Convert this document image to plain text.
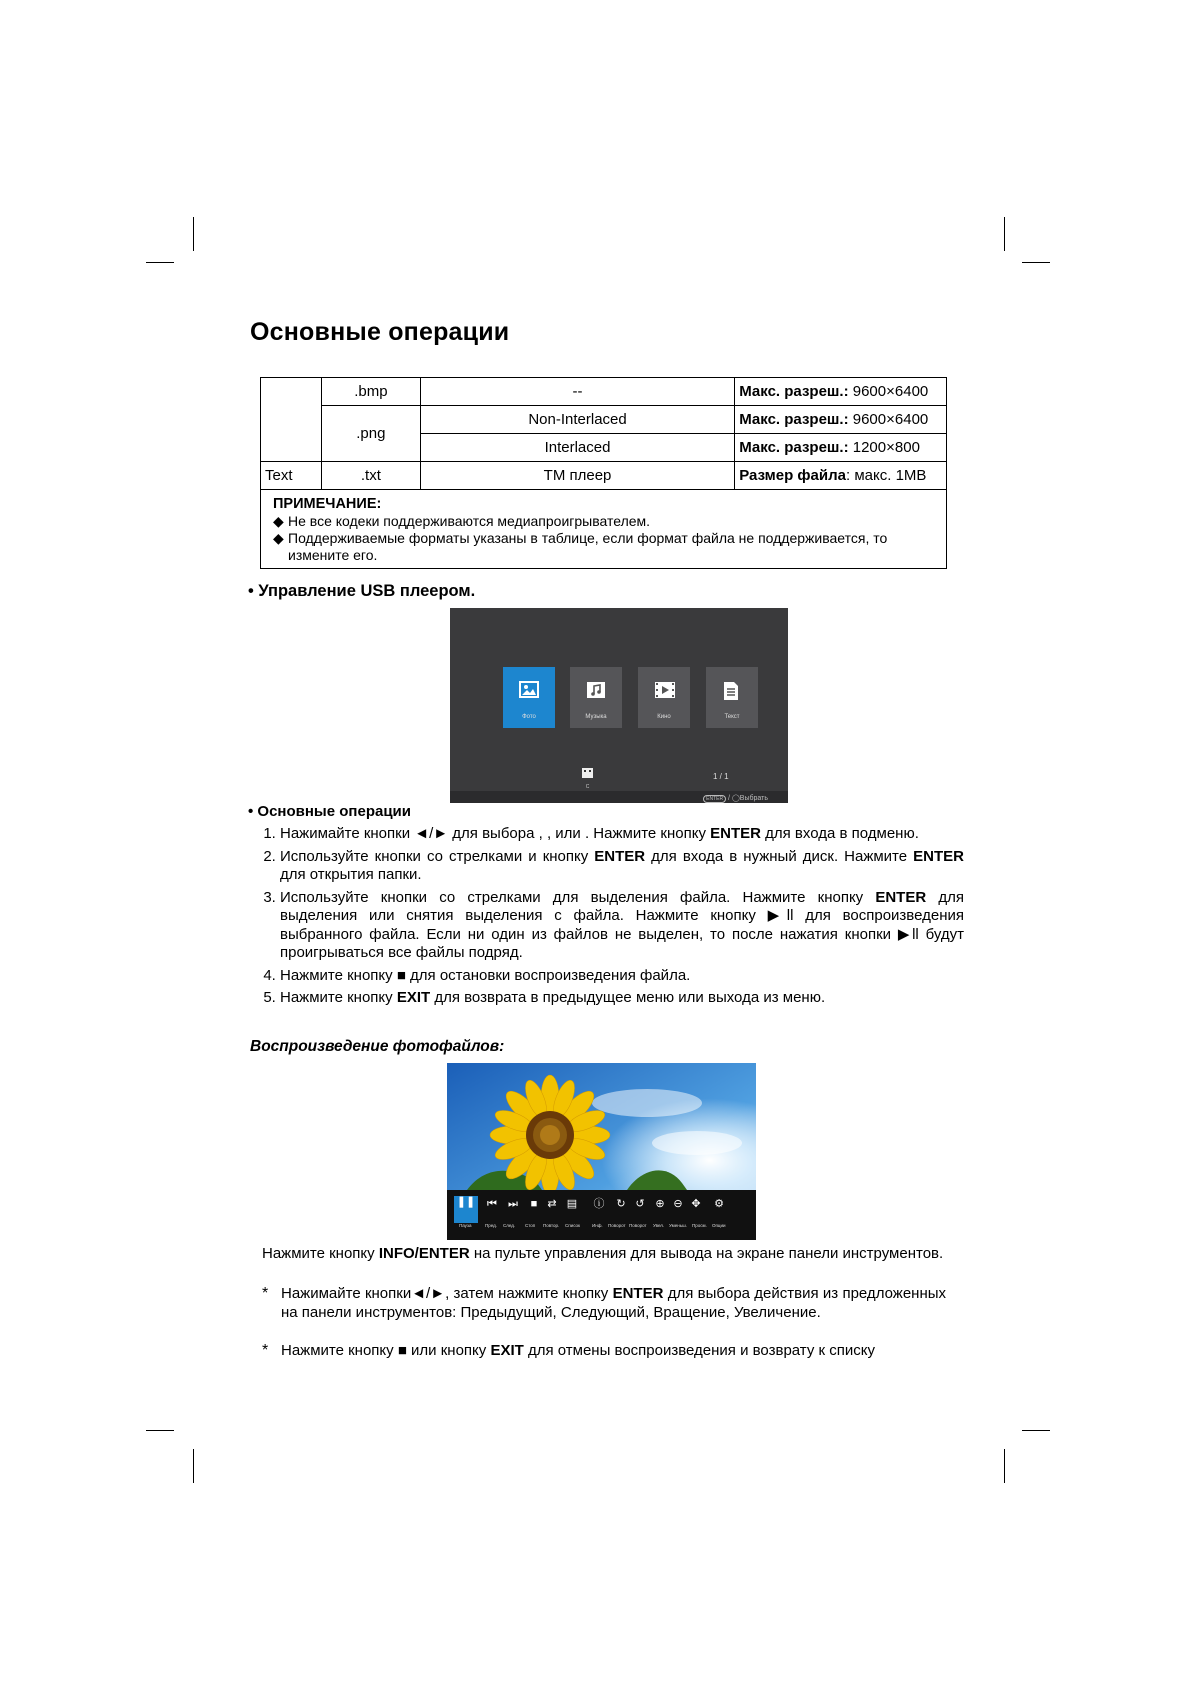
Основные операции
	.bmp	--	Макс. разреш.: 9600×6400
	.png	Non-Interlaced	Макс. разреш.: 9600×6400
		Interlaced	Макс. разреш.: 1200×800
Text	.txt	TM плеер	Размер файла: макс. 1MB

ПРИМЕЧАНИЕ:
◆ Не все кодеки поддерживаются медиапроигрывателем.
◆ Поддерживаемые форматы указаны в таблице, если формат файла не поддерживается, то измените его.			
• Управление USB плеером.
Фото	Музыка	Кино	Текст
C
1 / 1
ENTER / ◯Выбрать
• Основные операции
1. Нажимайте кнопки ◄/► для выбора , , или . Нажмите кнопку ENTER для входа в подменю.
2. Используйте кнопки со стрелками и кнопку ENTER для входа в нужный диск. Нажмите ENTER для открытия папки.
3. Используйте кнопки со стрелками для выделения файла. Нажмите кнопку ENTER для выделения или снятия выделения с файла. Нажмите кнопку ▶ll для воспроизведения выбранного файла. Если ни один из файлов не выделен, то после нажатия кнопки ▶ll будут проигрываться все файлы подряд.
4. Нажмите кнопку ■ для остановки воспроизведения файла.
5. Нажмите кнопку EXIT для возврата в предыдущее меню или выхода из меню.
Воспроизведение фотофайлов:
❚❚ ⏮ ⏭	■ ⇄ ▤ ⓘ ↻ ↺ ⊕ ⊖ ✥ ⚙
Пауза	Пред. След. Стоп Повтор. Список	Инф. Поворот Поворот Увел. Уменьш. Просм. Опции
Нажмите кнопку INFO/ENTER на пульте управления для вывода на экране панели инструментов.
* Нажимайте кнопки◄/►, затем нажмите кнопку ENTER для выбора действия из предложенных на панели инструментов: Предыдущий, Следующий, Вращение, Увеличение.
* Нажмите кнопку ■ или кнопку EXIT для отмены воспроизведения и возврату к списку
